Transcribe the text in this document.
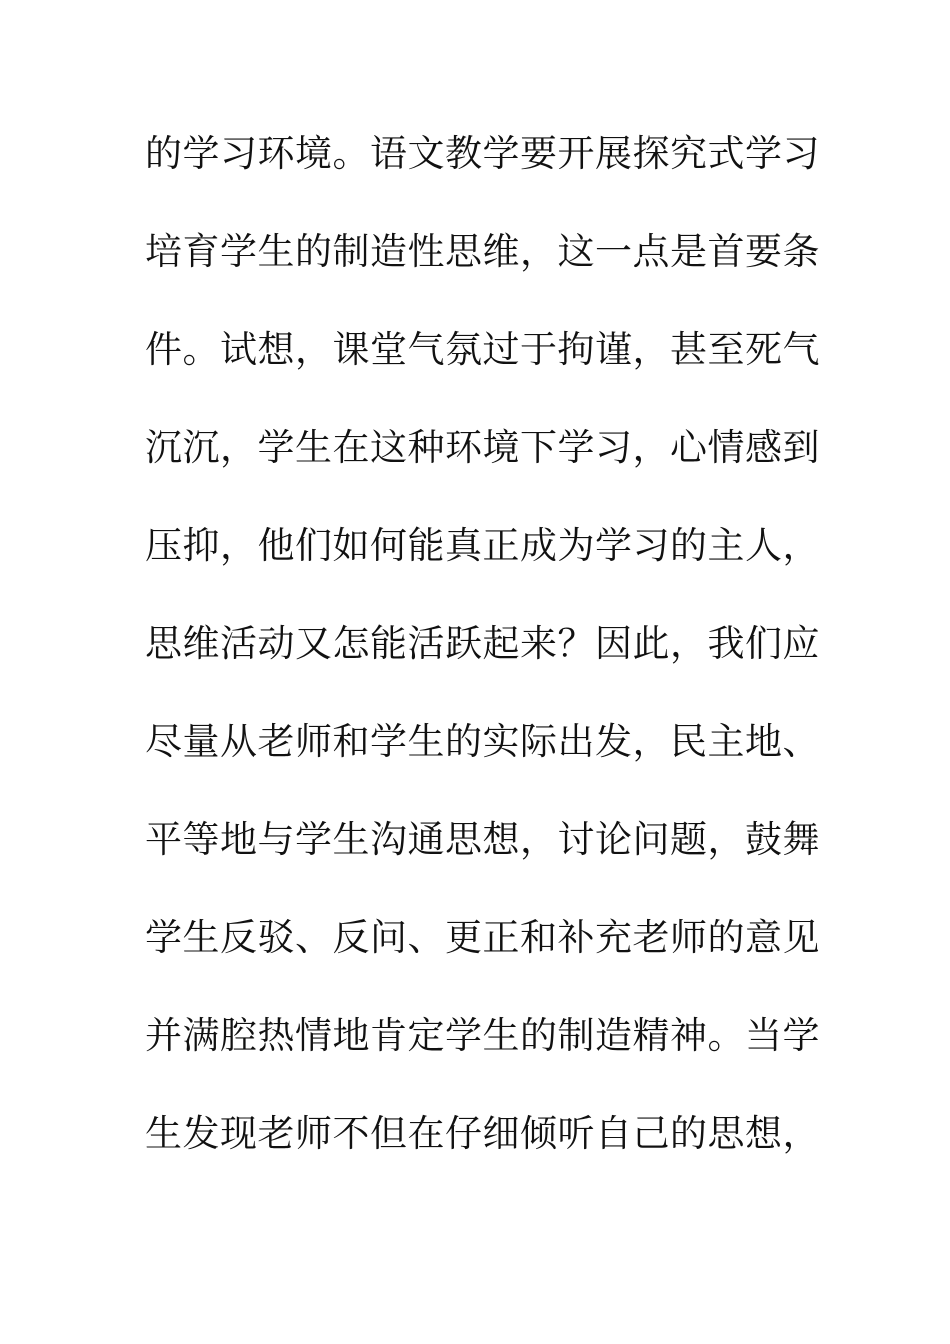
的学习环境。语文教学要开展探究式学习
培育学生的制造性思维，这一点是首要条
件。试想，课堂气氛过于拘谨，甚至死气
沉沉，学生在这种环境下学习，心情感到
压抑，他们如何能真正成为学习的主人，
思维活动又怎能活跃起来？因此，我们应
尽量从老师和学生的实际出发，民主地、
平等地与学生沟通思想，讨论问题，鼓舞
学生反驳、反问、更正和补充老师的意见
并满腔热情地肯定学生的制造精神。当学
生发现老师不但在仔细倾听自己的思想，
